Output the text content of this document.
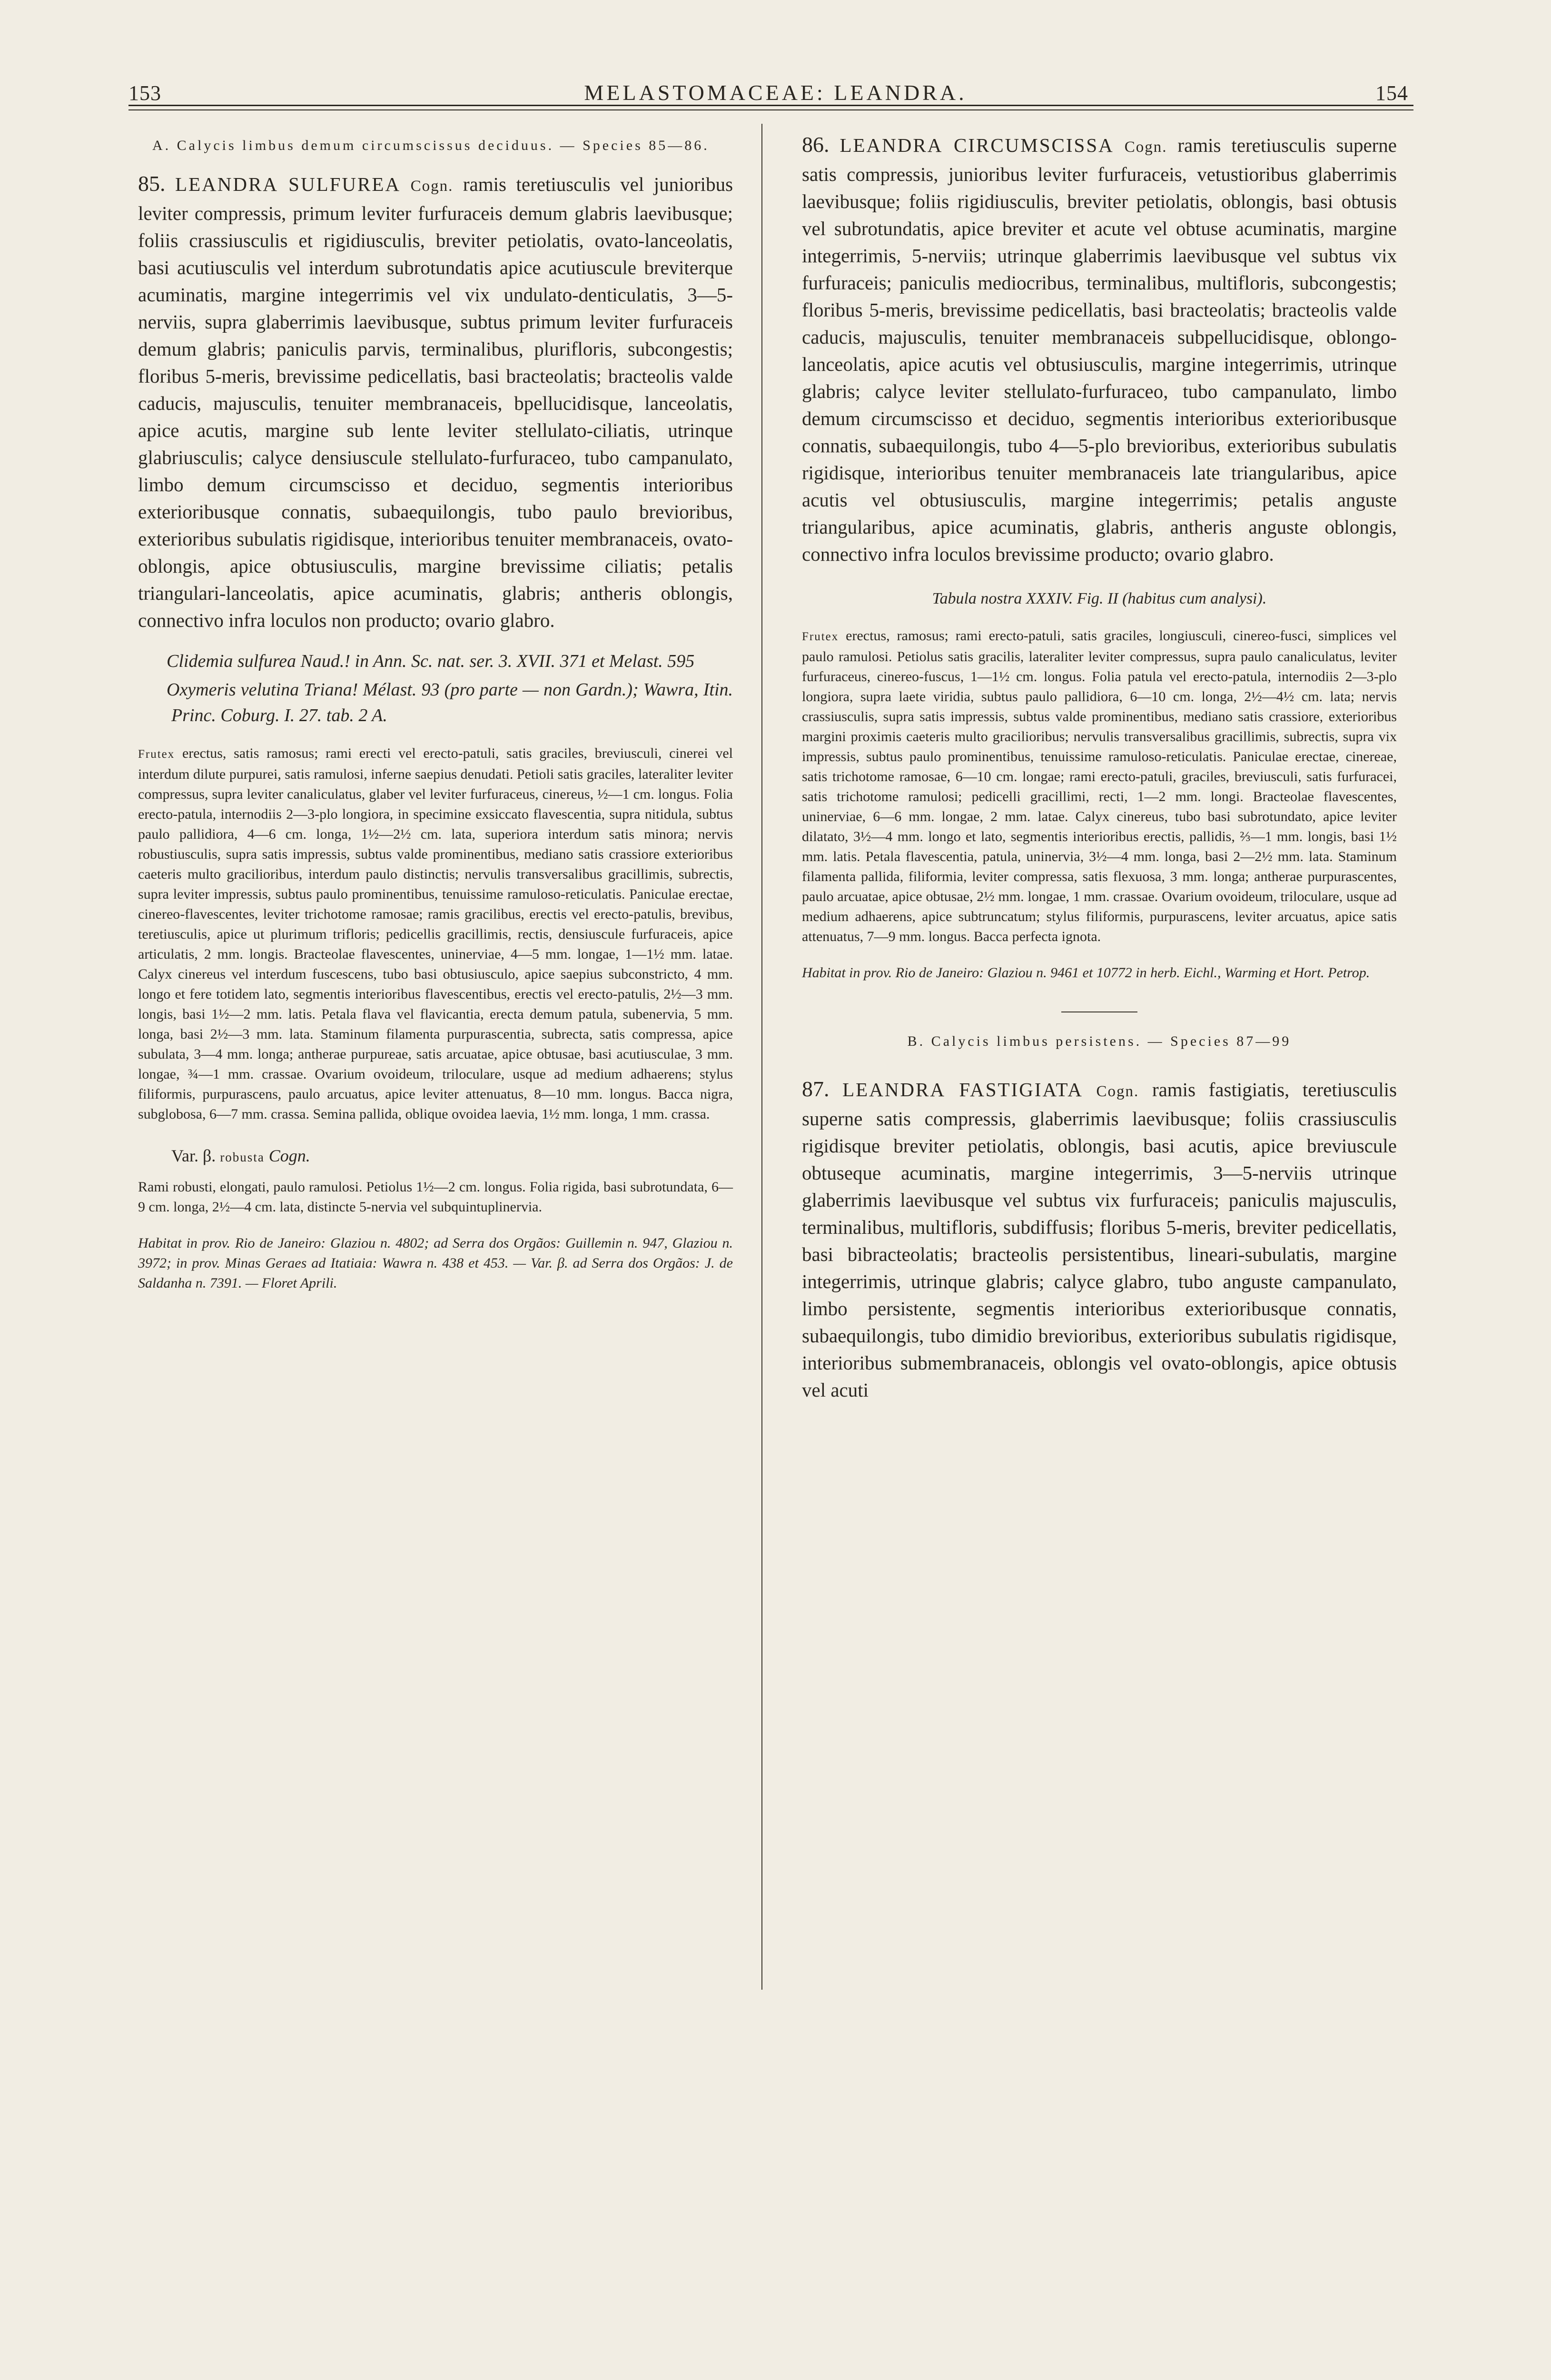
153	MELASTOMACEAE: LEANDRA.	154

A. Calycis limbus demum circumscissus deciduus. — Species 85—86.

85. LEANDRA SULFUREA Cogn. ramis teretiusculis vel junioribus leviter compressis, primum leviter furfuraceis demum glabris laevibusque; foliis crassiusculis et rigidiusculis, breviter petiolatis, ovato-lanceolatis, basi acutiusculis vel interdum subrotundatis apice acutiuscule breviterque acuminatis, margine integerrimis vel vix undulato-denticulatis, 3—5-nerviis, supra glaberrimis laevibusque, subtus primum leviter furfuraceis demum glabris; paniculis parvis, terminalibus, plurifloris, subcongestis; floribus 5-meris, brevissime pedicellatis, basi bracteolatis; bracteolis valde caducis, majusculis, tenuiter membranaceis, bpellucidisque, lanceolatis, apice acutis, margine sub lente leviter stellulato-ciliatis, utrinque glabriusculis; calyce densiuscule stellulato-furfuraceo, tubo campanulato, limbo demum circumscisso et deciduo, segmentis interioribus exterioribusque connatis, subaequilongis, tubo paulo brevioribus, exterioribus subulatis rigidisque, interioribus tenuiter membranaceis, ovato-oblongis, apice obtusiusculis, margine brevissime ciliatis; petalis triangulari-lanceolatis, apice acuminatis, glabris; antheris oblongis, connectivo infra loculos non producto; ovario glabro.

Clidemia sulfurea Naud.! in Ann. Sc. nat. ser. 3. XVII. 371 et Melast. 595

Oxymeris velutina Triana! Mélast. 93 (pro parte — non Gardn.); Wawra, Itin. Princ. Coburg. I. 27. tab. 2 A.

Frutex erectus, satis ramosus; rami erecti vel erecto-patuli, satis graciles, breviusculi, cinerei vel interdum dilute purpurei, satis ramulosi, inferne saepius denudati. Petioli satis graciles, lateraliter leviter compressus, supra leviter canaliculatus, glaber vel leviter furfuraceus, cinereus, ½—1 cm. longus. Folia erecto-patula, internodiis 2—3-plo longiora, in specimine exsiccato flavescentia, supra nitidula, subtus paulo pallidiora, 4—6 cm. longa, 1½—2½ cm. lata, superiora interdum satis minora; nervis robustiusculis, supra satis impressis, subtus valde prominentibus, mediano satis crassiore exterioribus caeteris multo gracilioribus, interdum paulo distinctis; nervulis transversalibus gracillimis, subrectis, supra leviter impressis, subtus paulo prominentibus, tenuissime ramuloso-reticulatis. Paniculae erectae, cinereo-flavescentes, leviter trichotome ramosae; ramis gracilibus, erectis vel erecto-patulis, brevibus, teretiusculis, apice ut plurimum trifloris; pedicellis gracillimis, rectis, densiuscule furfuraceis, apice articulatis, 2 mm. longis. Bracteolae flavescentes, uninerviae, 4—5 mm. longae, 1—1½ mm. latae. Calyx cinereus vel interdum fuscescens, tubo basi obtusiusculo, apice saepius subconstricto, 4 mm. longo et fere totidem lato, segmentis interioribus flavescentibus, erectis vel erecto-patulis, 2½—3 mm. longis, basi 1½—2 mm. latis. Petala flava vel flavicantia, erecta demum patula, subenervia, 5 mm. longa, basi 2½—3 mm. lata. Staminum filamenta purpurascentia, subrecta, satis compressa, apice subulata, 3—4 mm. longa; antherae purpureae, satis arcuatae, apice obtusae, basi acutiusculae, 3 mm. longae, ¾—1 mm. crassae. Ovarium ovoideum, triloculare, usque ad medium adhaerens; stylus filiformis, purpurascens, paulo arcuatus, apice leviter attenuatus, 8—10 mm. longus. Bacca nigra, subglobosa, 6—7 mm. crassa. Semina pallida, oblique ovoidea laevia, 1½ mm. longa, 1 mm. crassa.

Var. β. robusta Cogn.

Rami robusti, elongati, paulo ramulosi. Petiolus 1½—2 cm. longus. Folia rigida, basi subrotundata, 6—9 cm. longa, 2½—4 cm. lata, distincte 5-nervia vel subquintuplinervia.

Habitat in prov. Rio de Janeiro: Glaziou n. 4802; ad Serra dos Orgãos: Guillemin n. 947, Glaziou n. 3972; in prov. Minas Geraes ad Itatiaia: Wawra n. 438 et 453. — Var. β. ad Serra dos Orgãos: J. de Saldanha n. 7391. — Floret Aprili.

86. LEANDRA CIRCUMSCISSA Cogn. ramis teretiusculis superne satis compressis, junioribus leviter furfuraceis, vetustioribus glaberrimis laevibusque; foliis rigidiusculis, breviter petiolatis, oblongis, basi obtusis vel subrotundatis, apice breviter et acute vel obtuse acuminatis, margine integerrimis, 5-nerviis; utrinque glaberrimis laevibusque vel subtus vix furfuraceis; paniculis mediocribus, terminalibus, multifloris, subcongestis; floribus 5-meris, brevissime pedicellatis, basi bracteolatis; bracteolis valde caducis, majusculis, tenuiter membranaceis subpellucidisque, oblongo-lanceolatis, apice acutis vel obtusiusculis, margine integerrimis, utrinque glabris; calyce leviter stellulato-furfuraceo, tubo campanulato, limbo demum circumscisso et deciduo, segmentis interioribus exterioribusque connatis, subaequilongis, tubo 4—5-plo brevioribus, exterioribus subulatis rigidisque, interioribus tenuiter membranaceis late triangularibus, apice acutis vel obtusiusculis, margine integerrimis; petalis anguste triangularibus, apice acuminatis, glabris, antheris anguste oblongis, connectivo infra loculos brevissime producto; ovario glabro.

Tabula nostra XXXIV. Fig. II (habitus cum analysi).

Frutex erectus, ramosus; rami erecto-patuli, satis graciles, longiusculi, cinereo-fusci, simplices vel paulo ramulosi. Petiolus satis gracilis, lateraliter leviter compressus, supra paulo canaliculatus, leviter furfuraceus, cinereo-fuscus, 1—1½ cm. longus. Folia patula vel erecto-patula, internodiis 2—3-plo longiora, supra laete viridia, subtus paulo pallidiora, 6—10 cm. longa, 2½—4½ cm. lata; nervis crassiusculis, supra satis impressis, subtus valde prominentibus, mediano satis crassiore, exterioribus margini proximis caeteris multo gracilioribus; nervulis transversalibus gracillimis, subrectis, supra vix impressis, subtus paulo prominentibus, tenuissime ramuloso-reticulatis. Paniculae erectae, cinereae, satis trichotome ramosae, 6—10 cm. longae; rami erecto-patuli, graciles, breviusculi, satis furfuracei, satis trichotome ramulosi; pedicelli gracillimi, recti, 1—2 mm. longi. Bracteolae flavescentes, uninerviae, 6—6 mm. longae, 2 mm. latae. Calyx cinereus, tubo basi subrotundato, apice leviter dilatato, 3½—4 mm. longo et lato, segmentis interioribus erectis, pallidis, ⅔—1 mm. longis, basi 1½ mm. latis. Petala flavescentia, patula, uninervia, 3½—4 mm. longa, basi 2—2½ mm. lata. Staminum filamenta pallida, filiformia, leviter compressa, satis flexuosa, 3 mm. longa; antherae purpurascentes, paulo arcuatae, apice obtusae, 2½ mm. longae, 1 mm. crassae. Ovarium ovoideum, triloculare, usque ad medium adhaerens, apice subtruncatum; stylus filiformis, purpurascens, leviter arcuatus, apice satis attenuatus, 7—9 mm. longus. Bacca perfecta ignota.

Habitat in prov. Rio de Janeiro: Glaziou n. 9461 et 10772 in herb. Eichl., Warming et Hort. Petrop.

B. Calycis limbus persistens. — Species 87—99

87. LEANDRA FASTIGIATA Cogn. ramis fastigiatis, teretiusculis superne satis compressis, glaberrimis laevibusque; foliis crassiusculis rigidisque breviter petiolatis, oblongis, basi acutis, apice breviuscule obtuseque acuminatis, margine integerrimis, 3—5-nerviis utrinque glaberrimis laevibusque vel subtus vix furfuraceis; paniculis majusculis, terminalibus, multifloris, subdiffusis; floribus 5-meris, breviter pedicellatis, basi bibracteolatis; bracteolis persistentibus, lineari-subulatis, margine integerrimis, utrinque glabris; calyce glabro, tubo anguste campanulato, limbo persistente, segmentis interioribus exterioribusque connatis, subaequilongis, tubo dimidio brevioribus, exterioribus subulatis rigidisque, interioribus submembranaceis, oblongis vel ovato-oblongis, apice obtusis vel acuti
